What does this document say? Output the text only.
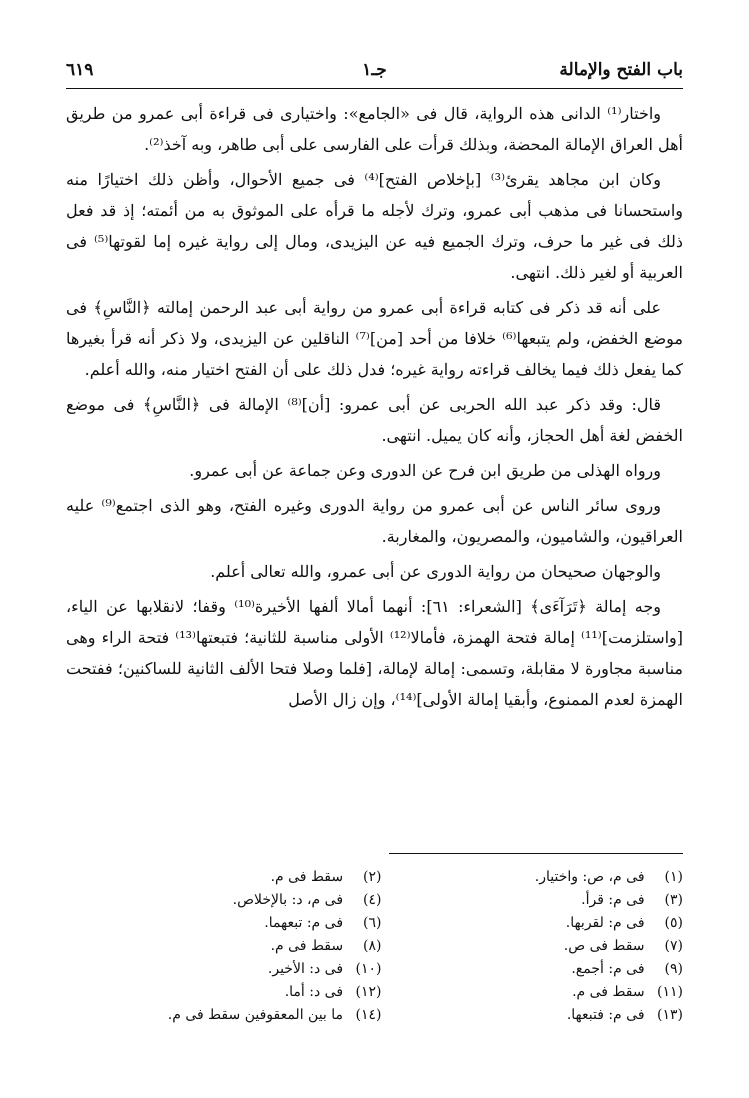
باب الفتح والإمالة
جـ١
٦١٩

واختار⁽¹⁾ الدانى هذه الرواية، قال فى «الجامع»: واختيارى فى قراءة أبى عمرو من طريق أهل العراق الإمالة المحضة، وبذلك قرأت على الفارسى على أبى طاهر، وبه آخذ⁽²⁾.

وكان ابن مجاهد يقرئ⁽³⁾ [بإخلاص الفتح]⁽⁴⁾ فى جميع الأحوال، وأظن ذلك اختيارًا منه واستحسانا فى مذهب أبى عمرو، وترك لأجله ما قرأه على الموثوق به من أئمته؛ إذ قد فعل ذلك فى غير ما حرف، وترك الجميع فيه عن اليزيدى، ومال إلى رواية غيره إما لقوتها⁽⁵⁾ فى العربية أو لغير ذلك. انتهى.

على أنه قد ذكر فى كتابه قراءة أبى عمرو من رواية أبى عبد الرحمن إمالته ﴿النَّاسِ﴾ فى موضع الخفض، ولم يتبعها⁽⁶⁾ خلافا من أحد [من]⁽⁷⁾ الناقلين عن اليزيدى، ولا ذكر أنه قرأ بغيرها كما يفعل ذلك فيما يخالف قراءته رواية غيره؛ فدل ذلك على أن الفتح اختيار منه، والله أعلم.

قال: وقد ذكر عبد الله الحربى عن أبى عمرو: [أن]⁽⁸⁾ الإمالة فى ﴿النَّاسِ﴾ فى موضع الخفض لغة أهل الحجاز، وأنه كان يميل. انتهى.

ورواه الهذلى من طريق ابن فرح عن الدورى وعن جماعة عن أبى عمرو.

وروى سائر الناس عن أبى عمرو من رواية الدورى وغيره الفتح، وهو الذى اجتمع⁽⁹⁾ عليه العراقيون، والشاميون، والمصريون، والمغاربة.

والوجهان صحيحان من رواية الدورى عن أبى عمرو، والله تعالى أعلم.

وجه إمالة ﴿تَرَآءَى﴾ [الشعراء: ٦١]: أنهما أمالا ألفها الأخيرة⁽¹⁰⁾ وقفا؛ لانقلابها عن الياء، [واستلزمت]⁽¹¹⁾ إمالة فتحة الهمزة، فأمالا⁽¹²⁾ الأولى مناسبة للثانية؛ فتبعتها⁽¹³⁾ فتحة الراء وهى مناسبة مجاورة لا مقابلة، وتسمى: إمالة لإمالة، [فلما وصلا فتحا الألف الثانية للساكنين؛ ففتحت الهمزة لعدم الممنوع، وأبقيا إمالة الأولى]⁽¹⁴⁾، وإن زال الأصل

(١) فى م، ص: واختيار.
(٢) سقط فى م.
(٣) فى م: قرأ.
(٤) فى م، د: بالإخلاص.
(٥) فى م: لقربها.
(٦) فى م: تبعهما.
(٧) سقط فى ص.
(٨) سقط فى م.
(٩) فى م: أجمع.
(١٠) فى د: الأخير.
(١١) سقط فى م.
(١٢) فى د: أما.
(١٣) فى م: فتبعها.
(١٤) ما بين المعقوفين سقط فى م.
